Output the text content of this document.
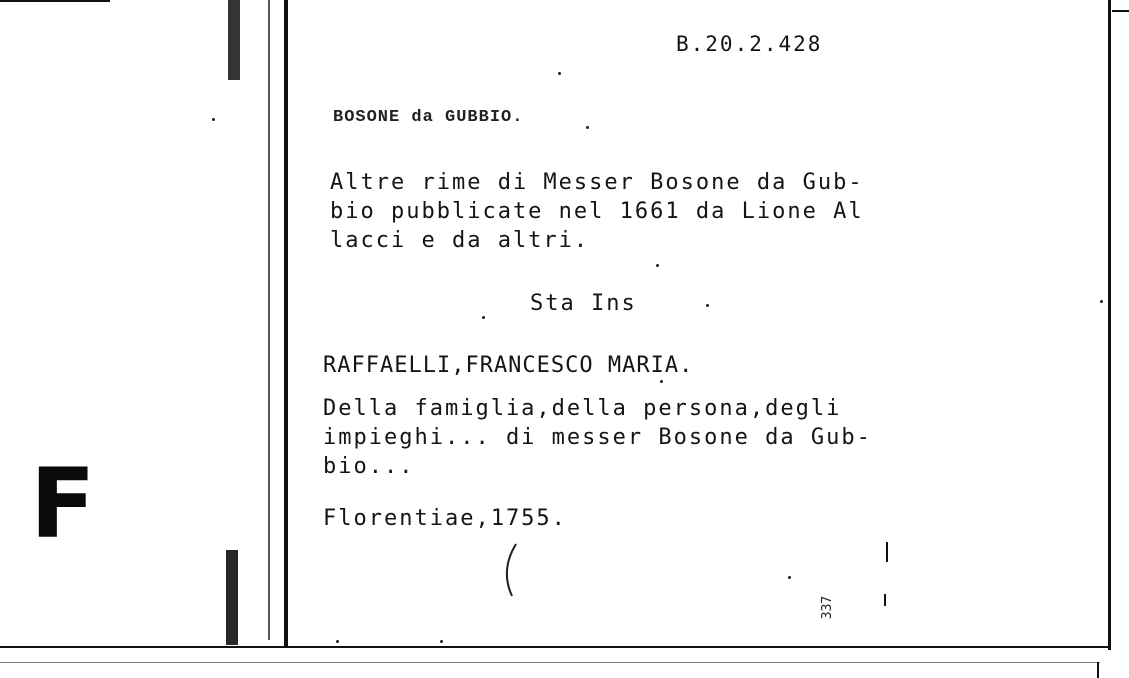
F
B.20.2.428
BOSONE da GUBBIO.
Altre rime di Messer Bosone da Gub-
bio pubblicate nel 1661 da Lione Al
lacci e da altri.
Sta Ins
RAFFAELLI,FRANCESCO MARIA.
Della famiglia,della persona,degli
impieghi... di messer Bosone da Gub-
bio...
Florentiae,1755.
337
